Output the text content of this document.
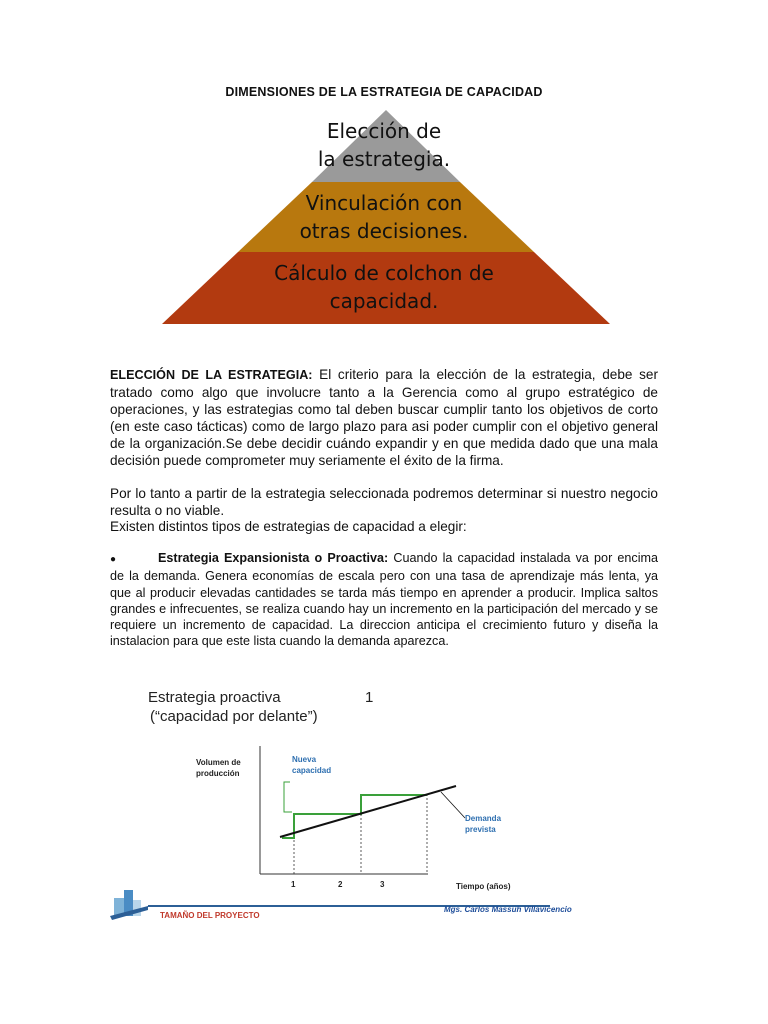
DIMENSIONES DE LA ESTRATEGIA DE CAPACIDAD
Elección de
la estrategia.
Vinculación con
otras decisiones.
Cálculo de colchon de
capacidad.

ELECCIÓN DE LA ESTRATEGIA: El criterio para la elección de la estrategia, debe ser tratado como algo que involucre tanto a la Gerencia como al grupo estratégico de operaciones, y las estrategias como tal deben buscar cumplir tanto los objetivos de corto (en este caso tácticas) como de largo plazo para asi poder cumplir con el objetivo general de la organización.Se debe decidir cuándo expandir y en que medida dado que una mala decisión puede comprometer muy seriamente el éxito de la firma.

Por lo tanto a partir de la estrategia seleccionada podremos determinar si nuestro negocio resulta o no viable.

Existen distintos tipos de estrategias de capacidad a elegir:

●	Estrategia Expansionista o Proactiva: Cuando la capacidad instalada va por encima de la demanda. Genera economías de escala pero con una tasa de aprendizaje más lenta, ya que al producir elevadas cantidades se tarda más tiempo en aprender a producir. Implica saltos grandes e infrecuentes, se realiza cuando hay un incremento en la participación del mercado y se requiere un incremento de capacidad. La direccion anticipa el crecimiento futuro y diseña la instalacion para que este lista cuando la demanda aparezca.
Estrategia proactiva
(“capacidad por delante”)
1
Volumen de
producción
Nueva
capacidad
Demanda
prevista
1	2	3	Tiempo (años)
TAMAÑO DEL PROYECTO
Mgs. Carlos Massuh Villavicencio
